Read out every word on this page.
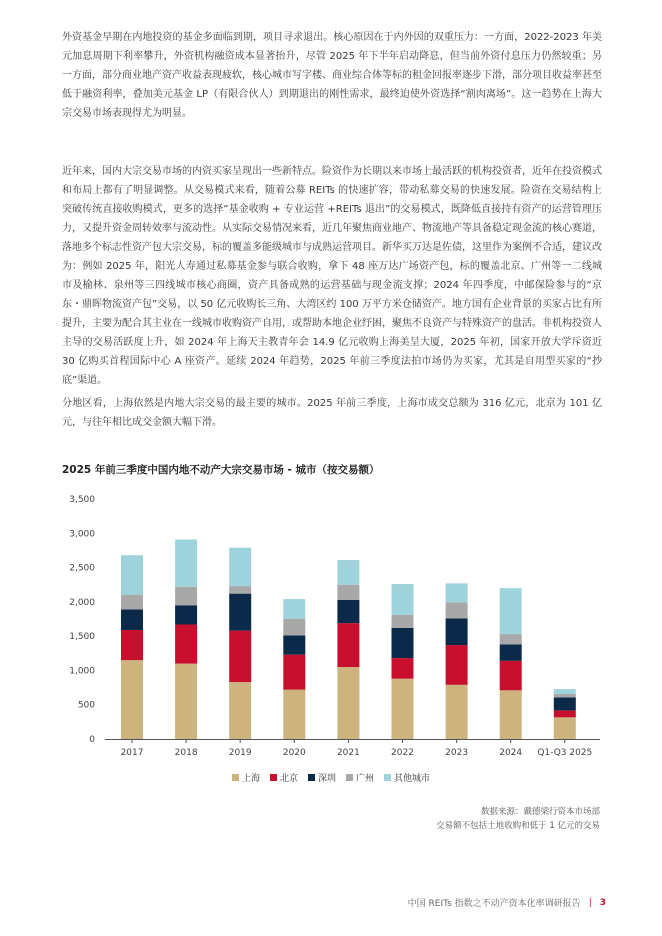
外资基金早期在内地投资的基金多面临到期，项目寻求退出。核心原因在于内外因的双重压力：一方面，2022-2023 年美元加息周期下利率攀升，外资机构融资成本显著抬升，尽管 2025 年下半年启动降息，但当前外资付息压力仍然较重；另一方面，部分商业地产资产收益表现疲软，核心城市写字楼、商业综合体等标的租金回报率逐步下滑，部分项目收益率甚至低于融资利率，叠加美元基金 LP（有限合伙人）到期退出的刚性需求，最终迫使外资选择“割肉离场”。这一趋势在上海大宗交易市场表现得尤为明显。

近年来，国内大宗交易市场的内资买家呈现出一些新特点。险资作为长期以来市场上最活跃的机构投资者，近年在投资模式和布局上都有了明显调整。从交易模式来看，随着公募 REITs 的快速扩容，带动私募交易的快速发展。险资在交易结构上突破传统直接收购模式，更多的选择”基金收购 + 专业运营 +REITs 退出”的交易模式，既降低直接持有资产的运营管理压力，又提升资金周转效率与流动性。从实际交易情况来看，近几年聚焦商业地产、物流地产等具备稳定现金流的核心赛道，落地多个标志性资产包大宗交易，标的覆盖多能级城市与成熟运营项目。新华买万达是佐债，这里作为案例不合适，建议改为：例如 2025 年，阳光人寿通过私募基金参与联合收购，拿下 48 座万达广场资产包，标的覆盖北京、广州等一二线城市及榆林、泉州等三四线城市核心商圈，资产具备成熟的运营基础与现金流支撑；2024 年四季度，中邮保险参与的“京东・鼎晖物流资产包”交易，以 50 亿元收购长三角、大湾区约 100 万平方米仓储资产。地方国有企业背景的买家占比有所提升，主要为配合其主业在一线城市收购资产自用，或帮助本地企业纾困，聚焦不良资产与特殊资产的盘活。非机构投资人主导的交易活跃度上升，如 2024 年上海天主教青年会 14.9 亿元收购上海美呈大厦，2025 年初，国家开放大学斥资近 30 亿购买首程国际中心 A 座资产。延续 2024 年趋势，2025 年前三季度法拍市场仍为买家，尤其是自用型买家的“抄底”渠道。

分地区看，上海依然是内地大宗交易的最主要的城市。2025 年前三季度，上海市成交总额为 316 亿元，北京为 101 亿元，与往年相比成交金额大幅下滑。

2025 年前三季度中国内地不动产大宗交易市场 - 城市（按交易额）

0
500
1,000
1,500
2,000
2,500
3,000
3,500
2017	2018	2019	2020	2021	2022	2023	2024 Q1-Q3 2025
上海 北京 深圳 广州 其他城市
数据来源：戴德梁行资本市场部
交易额不包括土地收购和低于 1 亿元的交易
中国 REITs 指数之不动产资本化率调研报告 | 3
